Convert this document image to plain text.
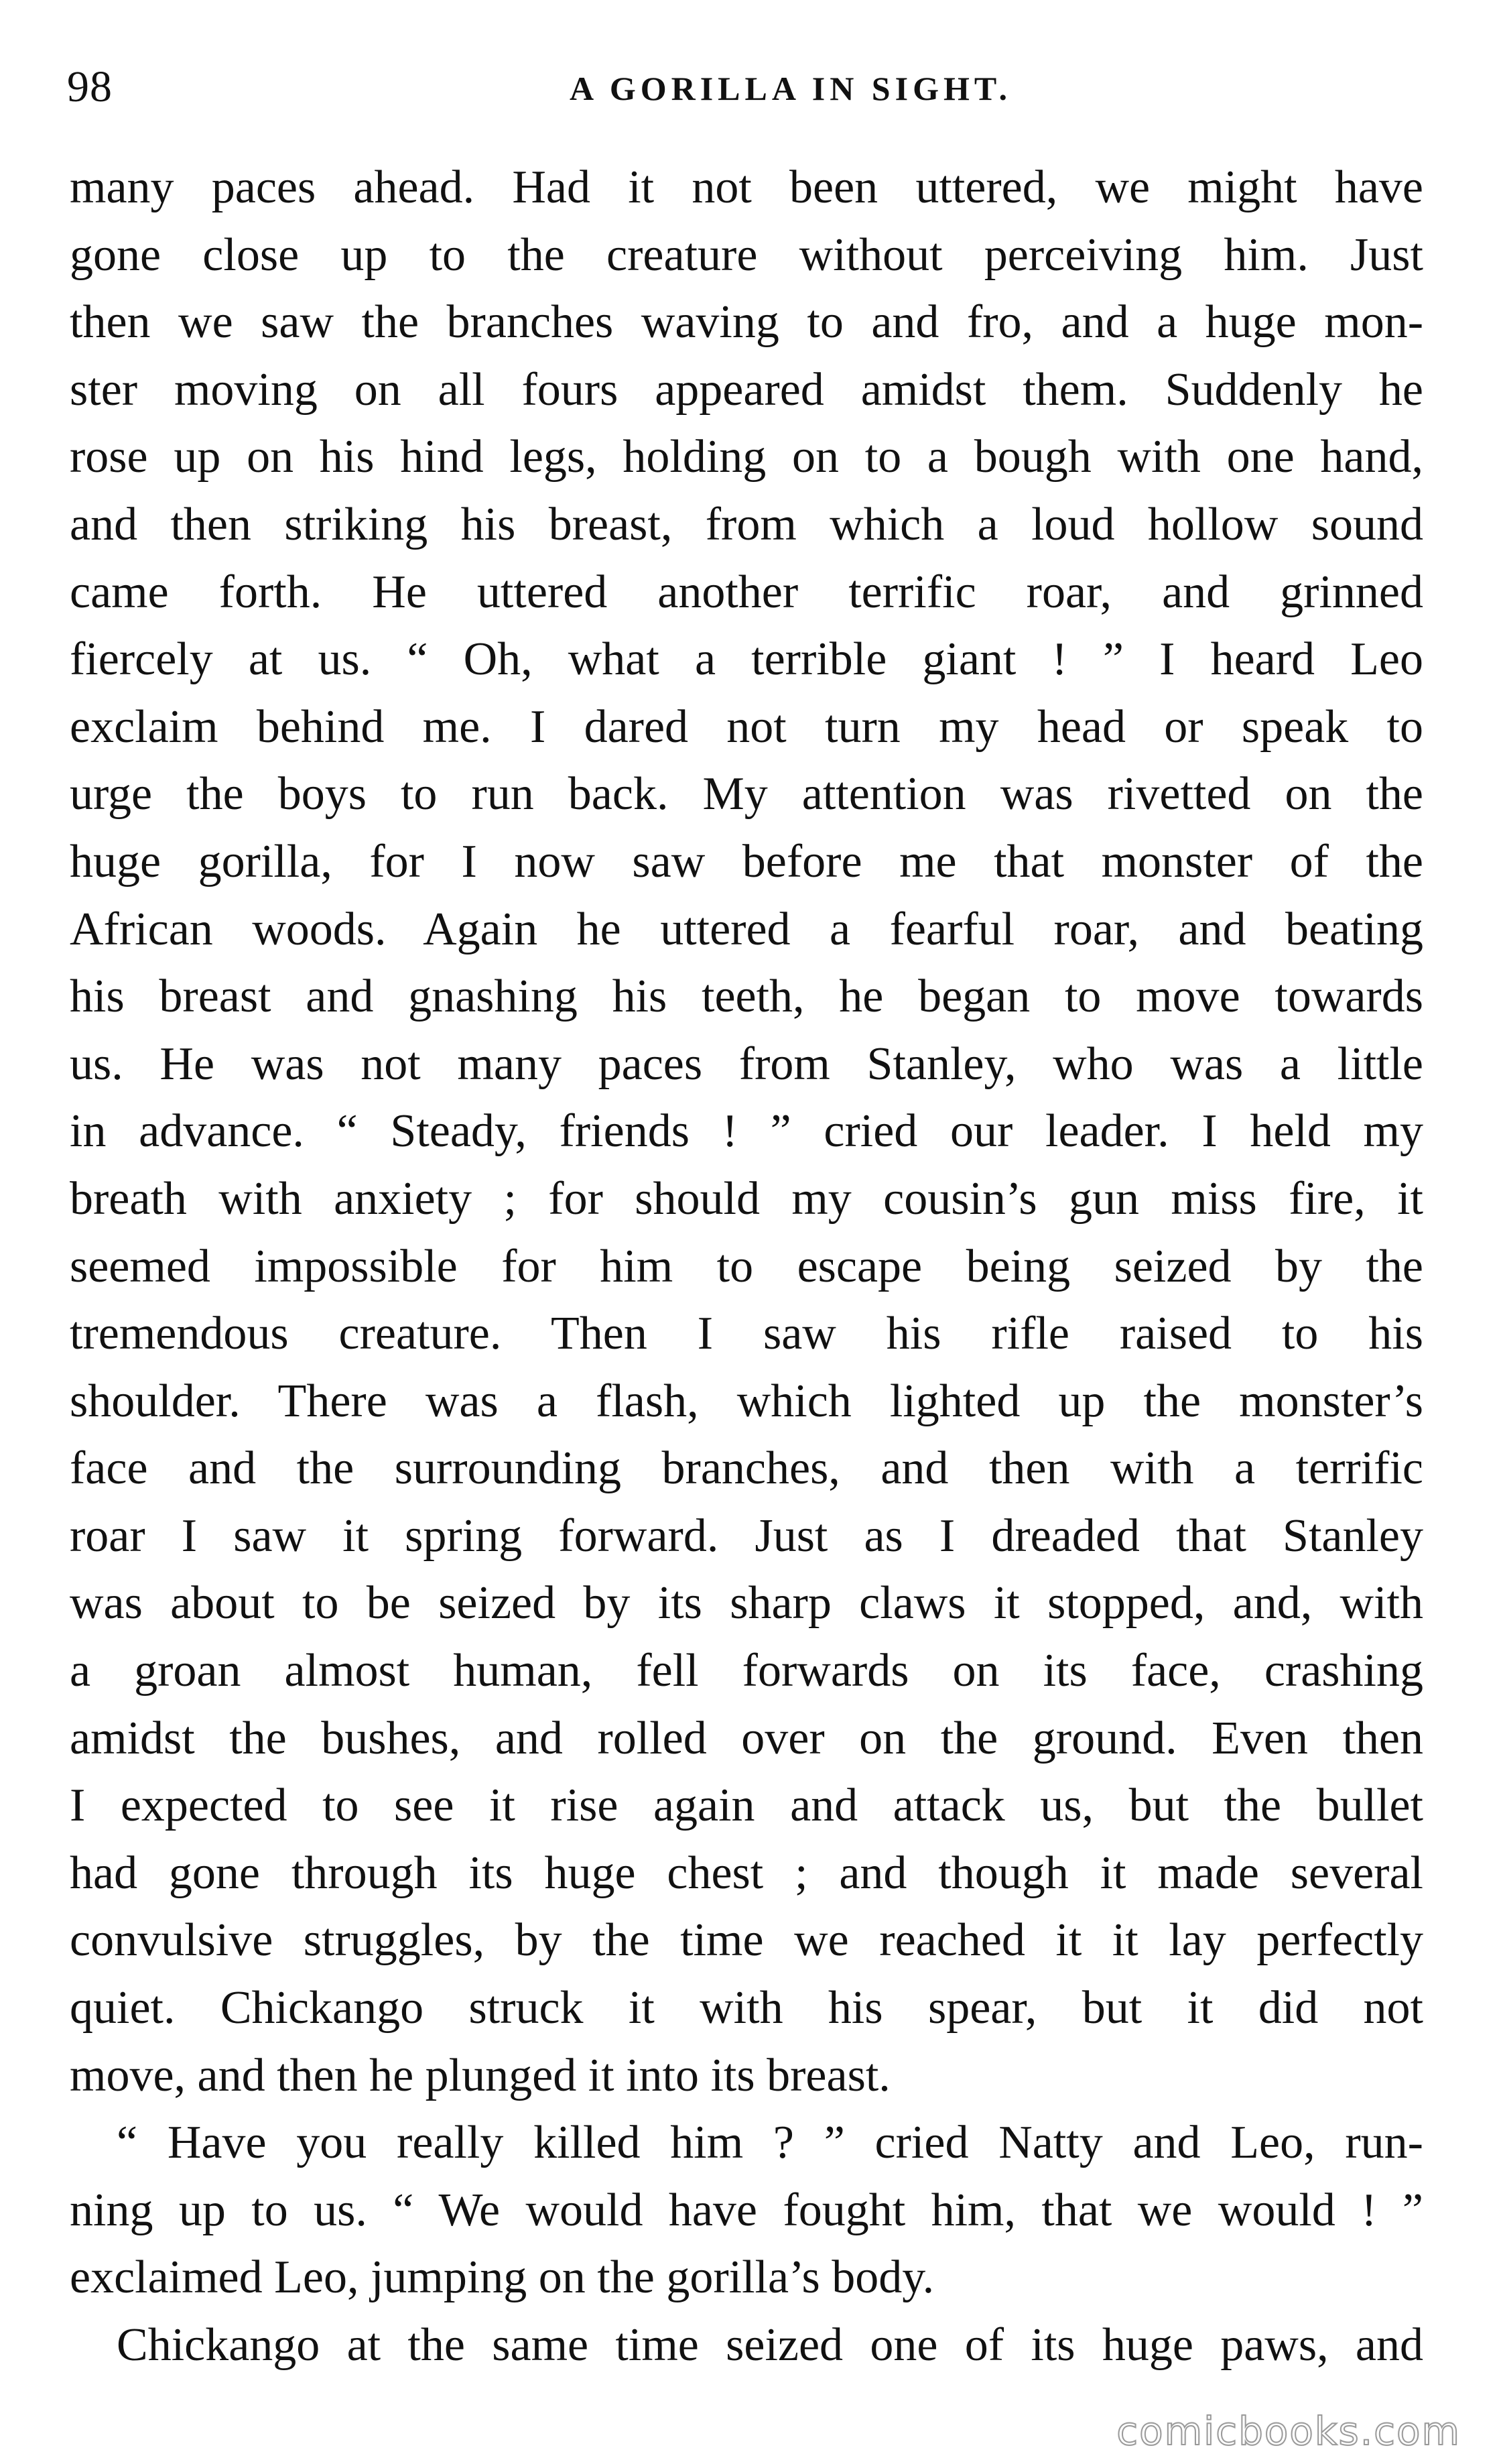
98	A GORILLA IN SIGHT.
many paces ahead. Had it not been uttered, we might have
gone close up to the creature without perceiving him. Just
then we saw the branches waving to and fro, and a huge mon-
ster moving on all fours appeared amidst them. Suddenly he
rose up on his hind legs, holding on to a bough with one hand,
and then striking his breast, from which a loud hollow sound
came forth. He uttered another terrific roar, and grinned
fiercely at us. “ Oh, what a terrible giant ! ” I heard Leo
exclaim behind me. I dared not turn my head or speak to
urge the boys to run back. My attention was rivetted on the
huge gorilla, for I now saw before me that monster of the
African woods. Again he uttered a fearful roar, and beating
his breast and gnashing his teeth, he began to move towards
us. He was not many paces from Stanley, who was a little
in advance. “ Steady, friends ! ” cried our leader. I held my
breath with anxiety ; for should my cousin’s gun miss fire, it
seemed impossible for him to escape being seized by the
tremendous creature. Then I saw his rifle raised to his
shoulder. There was a flash, which lighted up the monster’s
face and the surrounding branches, and then with a terrific
roar I saw it spring forward. Just as I dreaded that Stanley
was about to be seized by its sharp claws it stopped, and, with
a groan almost human, fell forwards on its face, crashing
amidst the bushes, and rolled over on the ground. Even then
I expected to see it rise again and attack us, but the bullet
had gone through its huge chest ; and though it made several
convulsive struggles, by the time we reached it it lay perfectly
quiet. Chickango struck it with his spear, but it did not
move, and then he plunged it into its breast.
“ Have you really killed him ? ” cried Natty and Leo, run-
ning up to us. “ We would have fought him, that we would ! ”
exclaimed Leo, jumping on the gorilla’s body.
Chickango at the same time seized one of its huge paws, and
comicbooks.com
